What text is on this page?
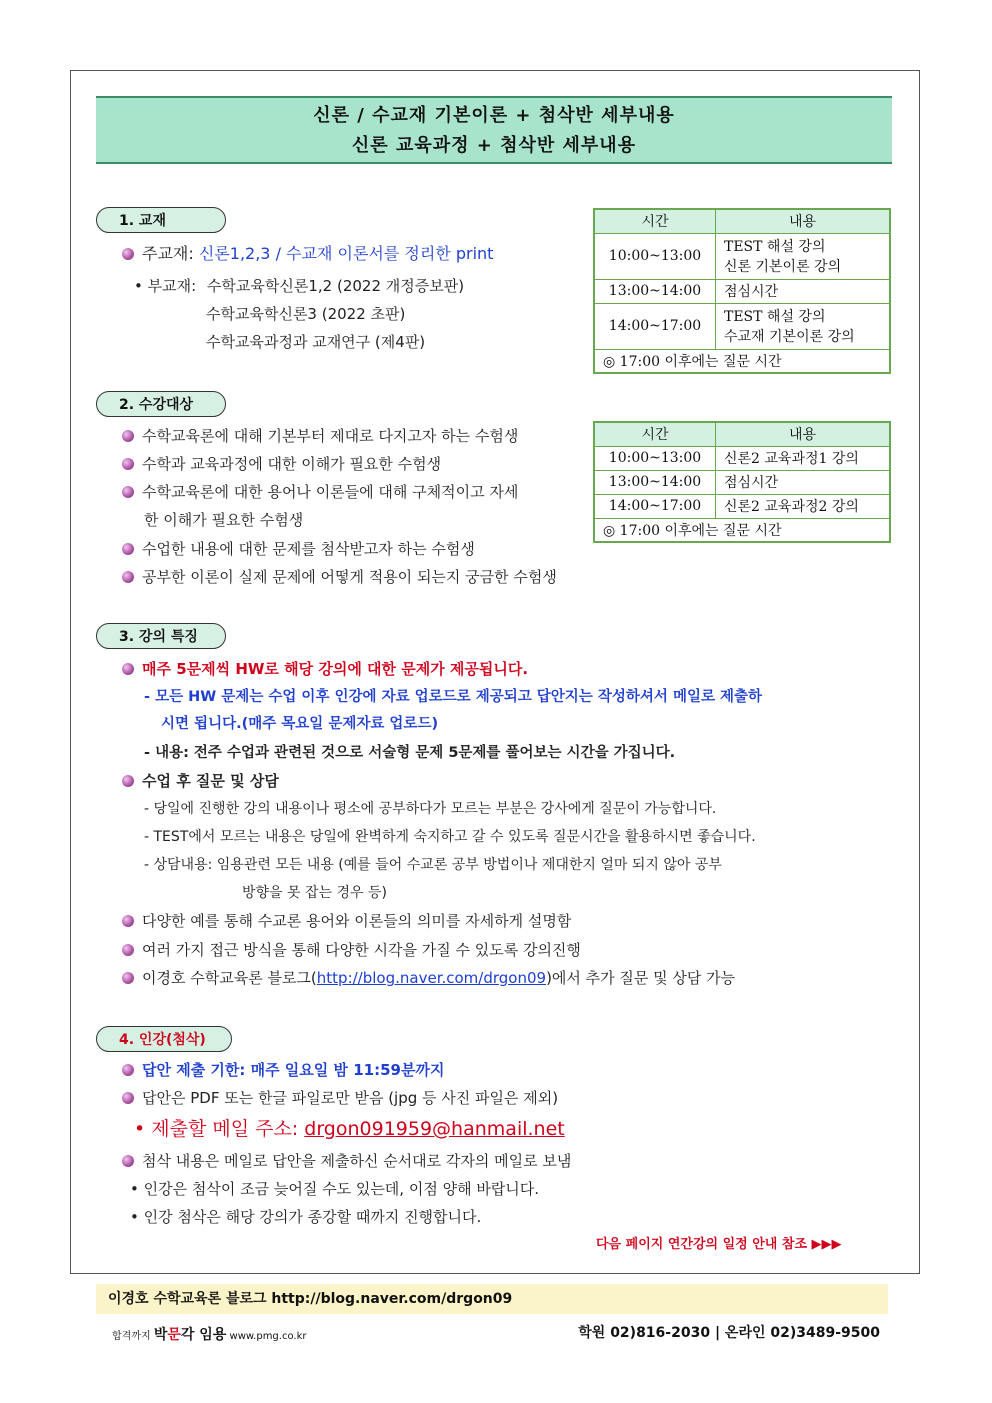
신론 / 수교재 기본이론 + 첨삭반 세부내용
신론 교육과정 + 첨삭반 세부내용
1. 교재
주교재: 신론1,2,3 / 수교재 이론서를 정리한 print
• 부교재: 수학교육학신론1,2 (2022 개정증보판)
수학교육학신론3 (2022 초판)
수학교육과정과 교재연구 (제4판)
시간	내용
10:00~13:00	TEST 해설 강의
신론 기본이론 강의

13:00~14:00	점심시간
14:00~17:00	TEST 해설 강의
수교재 기본이론 강의

◎ 17:00 이후에는 질문 시간	
2. 수강대상
수학교육론에 대해 기본부터 제대로 다지고자 하는 수험생
수학과 교육과정에 대한 이해가 필요한 수험생
수학교육론에 대한 용어나 이론들에 대해 구체적이고 자세
한 이해가 필요한 수험생
수업한 내용에 대한 문제를 첨삭받고자 하는 수험생
공부한 이론이 실제 문제에 어떻게 적용이 되는지 궁금한 수험생
시간	내용
10:00~13:00	신론2 교육과정1 강의
13:00~14:00	점심시간
14:00~17:00	신론2 교육과정2 강의
◎ 17:00 이후에는 질문 시간	
3. 강의 특징
매주 5문제씩 HW로 해당 강의에 대한 문제가 제공됩니다.
- 모든 HW 문제는 수업 이후 인강에 자료 업로드로 제공되고 답안지는 작성하셔서 메일로 제출하
시면 됩니다.(매주 목요일 문제자료 업로드)
- 내용: 전주 수업과 관련된 것으로 서술형 문제 5문제를 풀어보는 시간을 가집니다.
수업 후 질문 및 상담
- 당일에 진행한 강의 내용이나 평소에 공부하다가 모르는 부분은 강사에게 질문이 가능합니다.
- TEST에서 모르는 내용은 당일에 완벽하게 숙지하고 갈 수 있도록 질문시간을 활용하시면 좋습니다.
- 상담내용: 임용관련 모든 내용 (예를 들어 수교론 공부 방법이나 제대한지 얼마 되지 않아 공부
방향을 못 잡는 경우 등)
다양한 예를 통해 수교론 용어와 이론들의 의미를 자세하게 설명함
여러 가지 접근 방식을 통해 다양한 시각을 가질 수 있도록 강의진행
이경호 수학교육론 블로그(http://blog.naver.com/drgon09)에서 추가 질문 및 상담 가능
4. 인강(첨삭)
답안 제출 기한: 매주 일요일 밤 11:59분까지
답안은 PDF 또는 한글 파일로만 받음 (jpg 등 사진 파일은 제외)
• 제출할 메일 주소: drgon091959@hanmail.net
첨삭 내용은 메일로 답안을 제출하신 순서대로 각자의 메일로 보냄
• 인강은 첨삭이 조금 늦어질 수도 있는데, 이점 양해 바랍니다.
• 인강 첨삭은 해당 강의가 종강할 때까지 진행합니다.
다음 페이지 연간강의 일정 안내 참조 ▶▶▶
이경호 수학교육론 블로그 http://blog.naver.com/drgon09
합격까지 박문각 임용 www.pmg.co.kr	학원 02)816-2030 | 온라인 02)3489-9500
